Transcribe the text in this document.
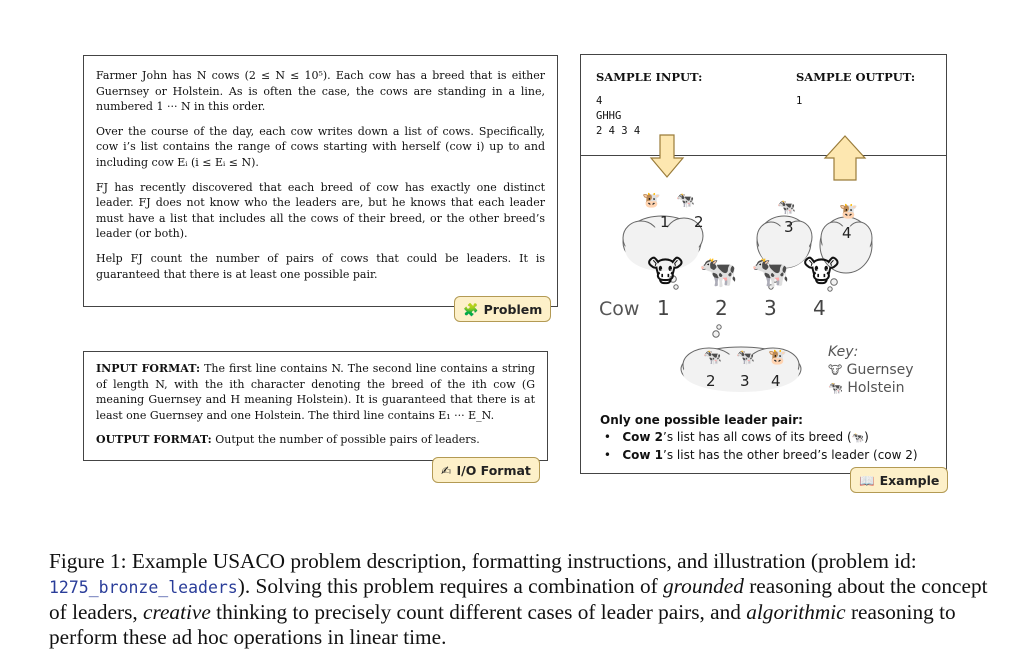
Farmer John has N cows (2 ≤ N ≤ 10⁵). Each cow has a breed that is either Guernsey or Holstein. As is often the case, the cows are standing in a line, numbered 1 ··· N in this order.

Over the course of the day, each cow writes down a list of cows. Specifically, cow i’s list contains the range of cows starting with herself (cow i) up to and including cow Eᵢ (i ≤ Eᵢ ≤ N).

FJ has recently discovered that each breed of cow has exactly one distinct leader. FJ does not know who the leaders are, but he knows that each leader must have a list that includes all the cows of their breed, or the other breed’s leader (or both).

Help FJ count the number of pairs of cows that could be leaders. It is guaranteed that there is at least one possible pair.

🧩 Problem

INPUT FORMAT: The first line contains N. The second line contains a string of length N, with the ith character denoting the breed of the ith cow (G meaning Guernsey and H meaning Holstein). It is guaranteed that there is at least one Guernsey and one Holstein. The third line contains E₁ ··· E_N.

OUTPUT FORMAT: Output the number of possible pairs of leaders.

✍ I/O Format
SAMPLE INPUT:	SAMPLE OUTPUT:
4
GHHG
2 4 3 4
1
🐮 🐄
1 2
🐄
3
🐮
4
🐮 🐄 🐄 🐮
Cow 1 2 3 4
🐄 🐄 🐮
2 3 4
Key:
🐮 Guernsey
🐄 Holstein
Only one possible leader pair:
•   Cow 2’s list has all cows of its breed (🐄)
•   Cow 1’s list has the other breed’s leader (cow 2)
📖 Example
Figure 1: Example USACO problem description, formatting instructions, and illustration (problem id: 1275_bronze_leaders). Solving this problem requires a combination of grounded reasoning about the concept of leaders, creative thinking to precisely count different cases of leader pairs, and algorithmic reasoning to perform these ad hoc operations in linear time.
